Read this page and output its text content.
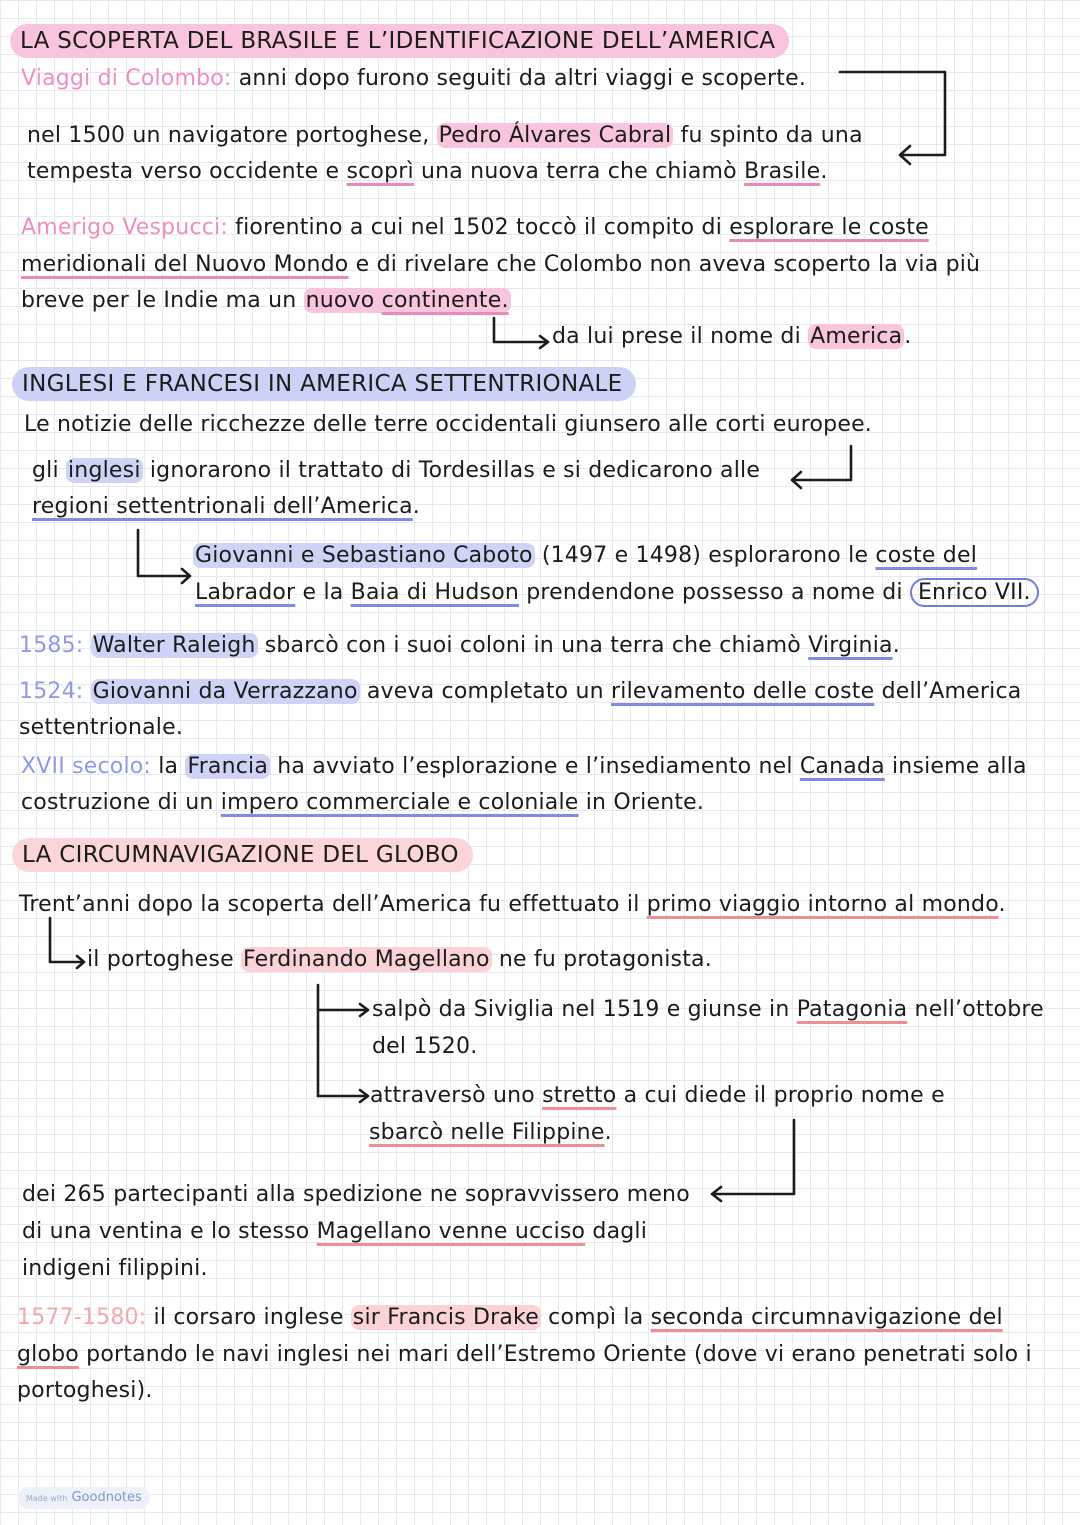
LA SCOPERTA DEL BRASILE E L’IDENTIFICAZIONE DELL’AMERICA
Viaggi di Colombo: anni dopo furono seguiti da altri viaggi e scoperte.
nel 1500 un navigatore portoghese, Pedro Álvares Cabral fu spinto da una
tempesta verso occidente e scoprì una nuova terra che chiamò Brasile.
Amerigo Vespucci: fiorentino a cui nel 1502 toccò il compito di esplorare le coste
meridionali del Nuovo Mondo e di rivelare che Colombo non aveva scoperto la via più
breve per le Indie ma un nuovo continente.
da lui prese il nome di America.
INGLESI E FRANCESI IN AMERICA SETTENTRIONALE
Le notizie delle ricchezze delle terre occidentali giunsero alle corti europee.
gli inglesi ignorarono il trattato di Tordesillas e si dedicarono alle
regioni settentrionali dell’America.
Giovanni e Sebastiano Caboto (1497 e 1498) esplorarono le coste del
Labrador e la Baia di Hudson prendendone possesso a nome di Enrico VII.
1585: Walter Raleigh sbarcò con i suoi coloni in una terra che chiamò Virginia.
1524: Giovanni da Verrazzano aveva completato un rilevamento delle coste dell’America
settentrionale.
XVII secolo: la Francia ha avviato l’esplorazione e l’insediamento nel Canada insieme alla
costruzione di un impero commerciale e coloniale in Oriente.
LA CIRCUMNAVIGAZIONE DEL GLOBO
Trent’anni dopo la scoperta dell’America fu effettuato il primo viaggio intorno al mondo.
il portoghese Ferdinando Magellano ne fu protagonista.
salpò da Siviglia nel 1519 e giunse in Patagonia nell’ottobre
del 1520.
attraversò uno stretto a cui diede il proprio nome e
sbarcò nelle Filippine.
dei 265 partecipanti alla spedizione ne sopravvissero meno
di una ventina e lo stesso Magellano venne ucciso dagli
indigeni filippini.
1577-1580: il corsaro inglese sir Francis Drake compì la seconda circumnavigazione del
globo portando le navi inglesi nei mari dell’Estremo Oriente (dove vi erano penetrati solo i
portoghesi).
Made with Goodnotes
